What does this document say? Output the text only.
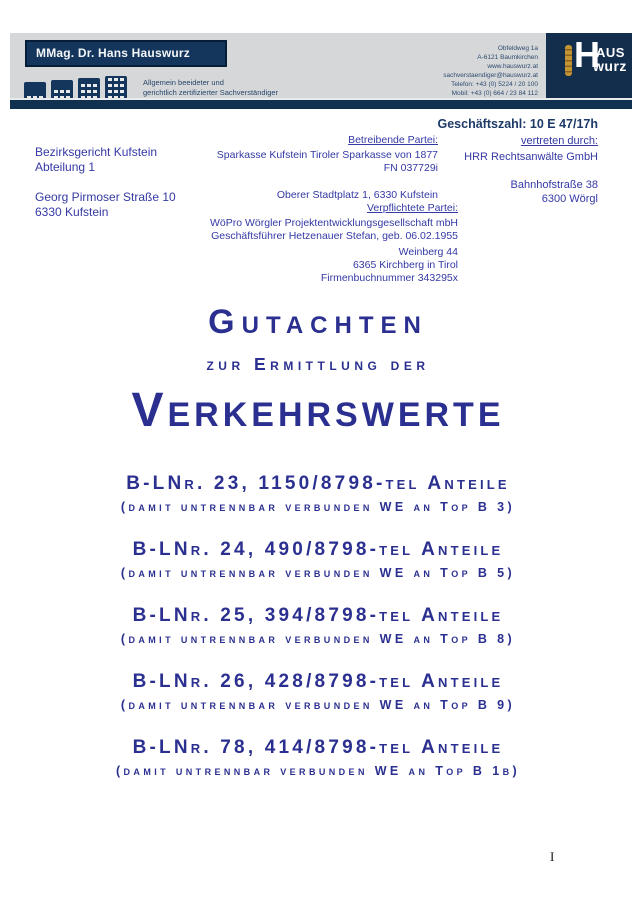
MMag. Dr. Hans Hauswurz
Allgemein beeideter und
gerichtlich zertifizierter Sachverständiger
Obfeldweg 1a
A-6121 Baumkirchen
www.hauswurz.at
sachverstaendiger@hauswurz.at
Telefon: +43 (0) 5224 / 20 100
Mobil: +43 (0) 664 / 23 84 112
H
AUS
wurz
Geschäftszahl: 10 E 47/17h
Bezirksgericht Kufstein
Abteilung 1
Georg Pirmoser Straße 10
6330 Kufstein
Betreibende Partei:
Sparkasse Kufstein Tiroler Sparkasse von 1877
FN 037729i
Oberer Stadtplatz 1, 6330 Kufstein
vertreten durch:
HRR Rechtsanwälte GmbH
Bahnhofstraße 38
6300 Wörgl
Verpflichtete Partei:
WöPro Wörgler Projektentwicklungsgesellschaft mbH
Geschäftsführer Hetzenauer Stefan, geb. 06.02.1955
Weinberg 44
6365 Kirchberg in Tirol
Firmenbuchnummer 343295x
Gutachten
zur Ermittlung der
Verkehrswerte
B-LNr. 23, 1150/8798-tel Anteile
(damit untrennbar verbunden WE an Top B 3)
B-LNr. 24, 490/8798-tel Anteile
(damit untrennbar verbunden WE an Top B 5)
B-LNr. 25, 394/8798-tel Anteile
(damit untrennbar verbunden WE an Top B 8)
B-LNr. 26, 428/8798-tel Anteile
(damit untrennbar verbunden WE an Top B 9)
B-LNr. 78, 414/8798-tel Anteile
(damit untrennbar verbunden WE an Top B 1b)
I
